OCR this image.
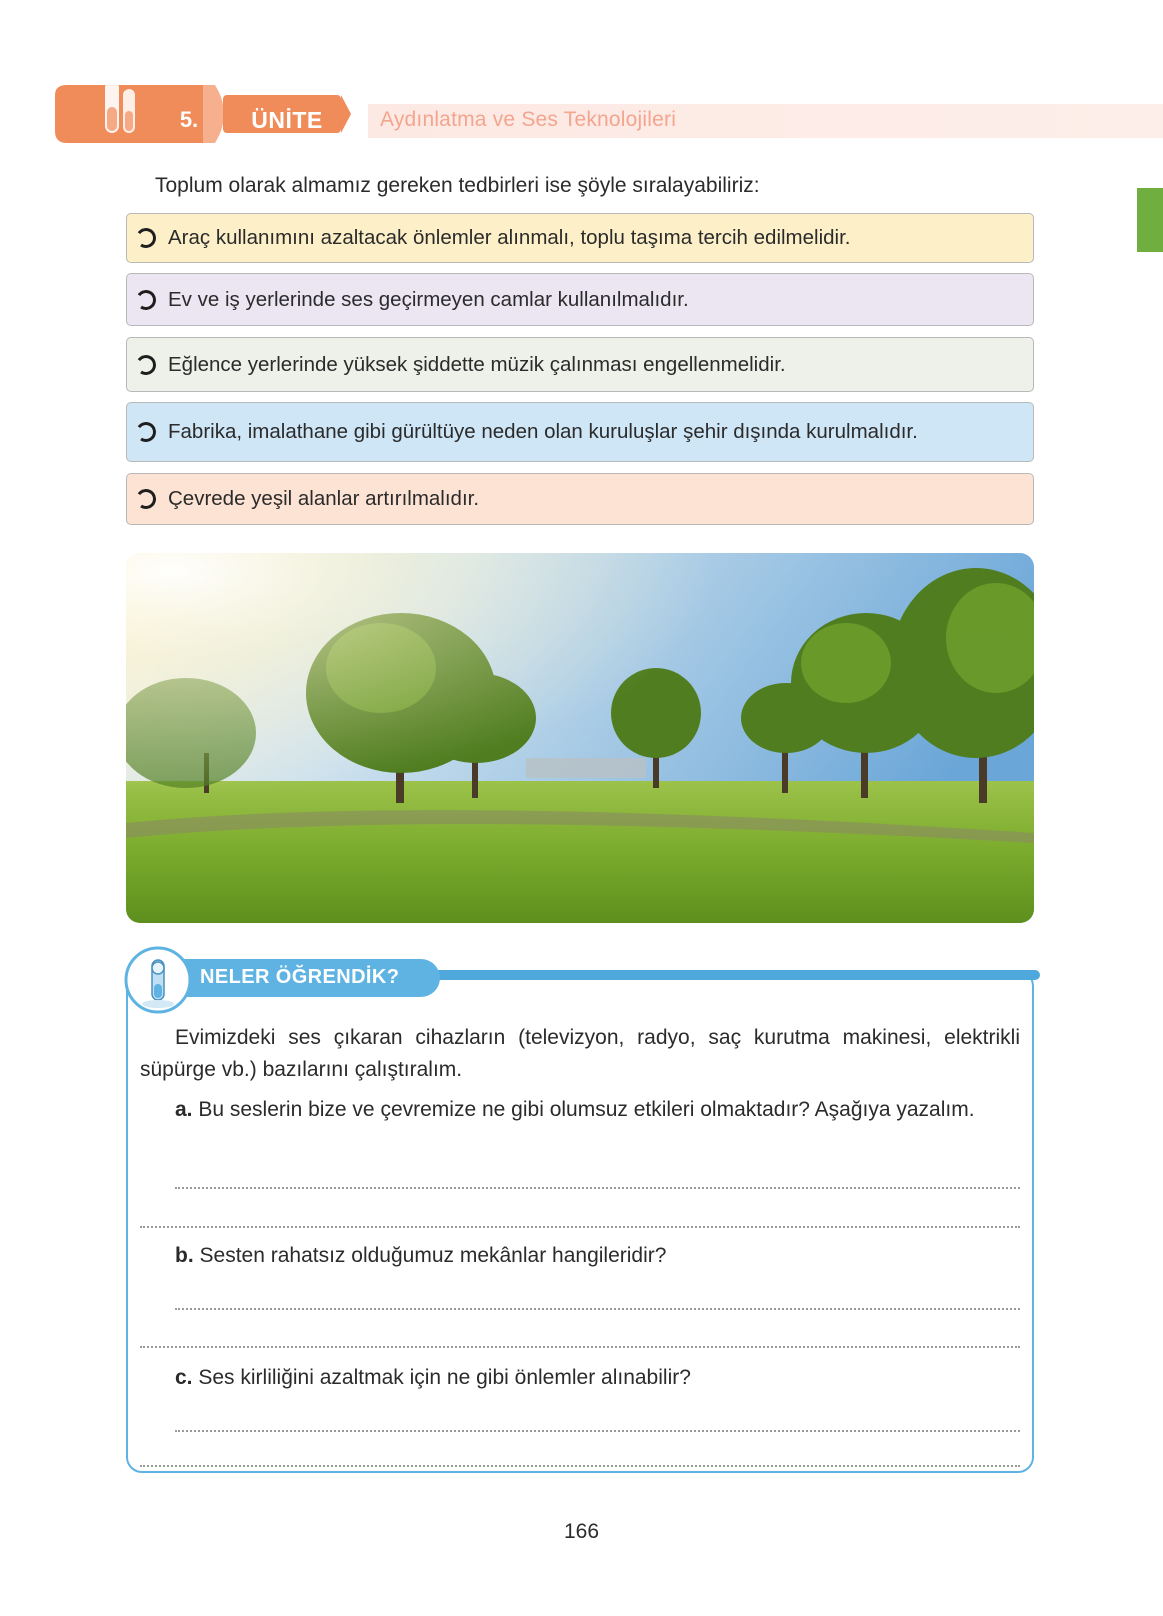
5.	ÜNİTE	Aydınlatma ve Ses Teknolojileri
Toplum olarak almamız gereken tedbirleri ise şöyle sıralayabiliriz:
Araç kullanımını azaltacak önlemler alınmalı, toplu taşıma tercih edilmelidir.
Ev ve iş yerlerinde ses geçirmeyen camlar kullanılmalıdır.
Eğlence yerlerinde yüksek şiddette müzik çalınması engellenmelidir.
Fabrika, imalathane gibi gürültüye neden olan kuruluşlar şehir dışında kurulmalıdır.
Çevrede yeşil alanlar artırılmalıdır.
NELER ÖĞRENDİK?
Evimizdeki ses çıkaran cihazların (televizyon, radyo, saç kurutma makinesi, elektrikli süpürge vb.) bazılarını çalıştıralım.
a. Bu seslerin bize ve çevremize ne gibi olumsuz etkileri olmaktadır? Aşağıya yazalım.
b. Sesten rahatsız olduğumuz mekânlar hangileridir?
c. Ses kirliliğini azaltmak için ne gibi önlemler alınabilir?
166
